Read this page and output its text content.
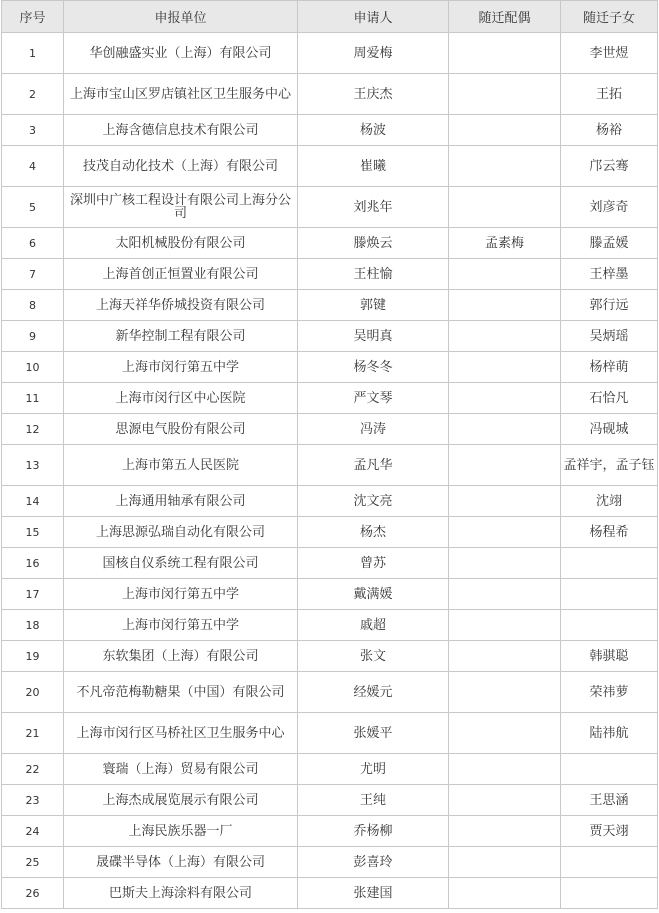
序号	申报单位	申请人	随迁配偶	随迁子女
1	华创融盛实业（上海）有限公司	周爱梅		李世煜
2	上海市宝山区罗店镇社区卫生服务中心	王庆杰		王拓
3	上海含德信息技术有限公司	杨波		杨裕
4	技茂自动化技术（上海）有限公司	崔曦		邝云骞
5	深圳中广核工程设计有限公司上海分公司	刘兆年		刘彦奇
6	太阳机械股份有限公司	滕焕云	孟素梅	滕孟媛
7	上海首创正恒置业有限公司	王柱愉		王梓墨
8	上海天祥华侨城投资有限公司	郭键		郭行远
9	新华控制工程有限公司	吴明真		吴炳瑶
10	上海市闵行第五中学	杨冬冬		杨梓萌
11	上海市闵行区中心医院	严文琴		石恰凡
12	思源电气股份有限公司	冯涛		冯砚城
13	上海市第五人民医院	孟凡华		孟祥宇，孟子钰
14	上海通用轴承有限公司	沈文亮		沈翊
15	上海思源弘瑞自动化有限公司	杨杰		杨程希
16	国核自仪系统工程有限公司	曾苏		
17	上海市闵行第五中学	戴满媛		
18	上海市闵行第五中学	戚超		
19	东软集团（上海）有限公司	张文		韩骐聪
20	不凡帝范梅勒糖果（中国）有限公司	经媛元		荣祎萝
21	上海市闵行区马桥社区卫生服务中心	张媛平		陆祎航
22	寰瑞（上海）贸易有限公司	尤明		
23	上海杰成展览展示有限公司	王纯		王思涵
24	上海民族乐器一厂	乔杨柳		贾天翊
25	晟碟半导体（上海）有限公司	彭喜玲		
26	巴斯夫上海涂料有限公司	张建国		
